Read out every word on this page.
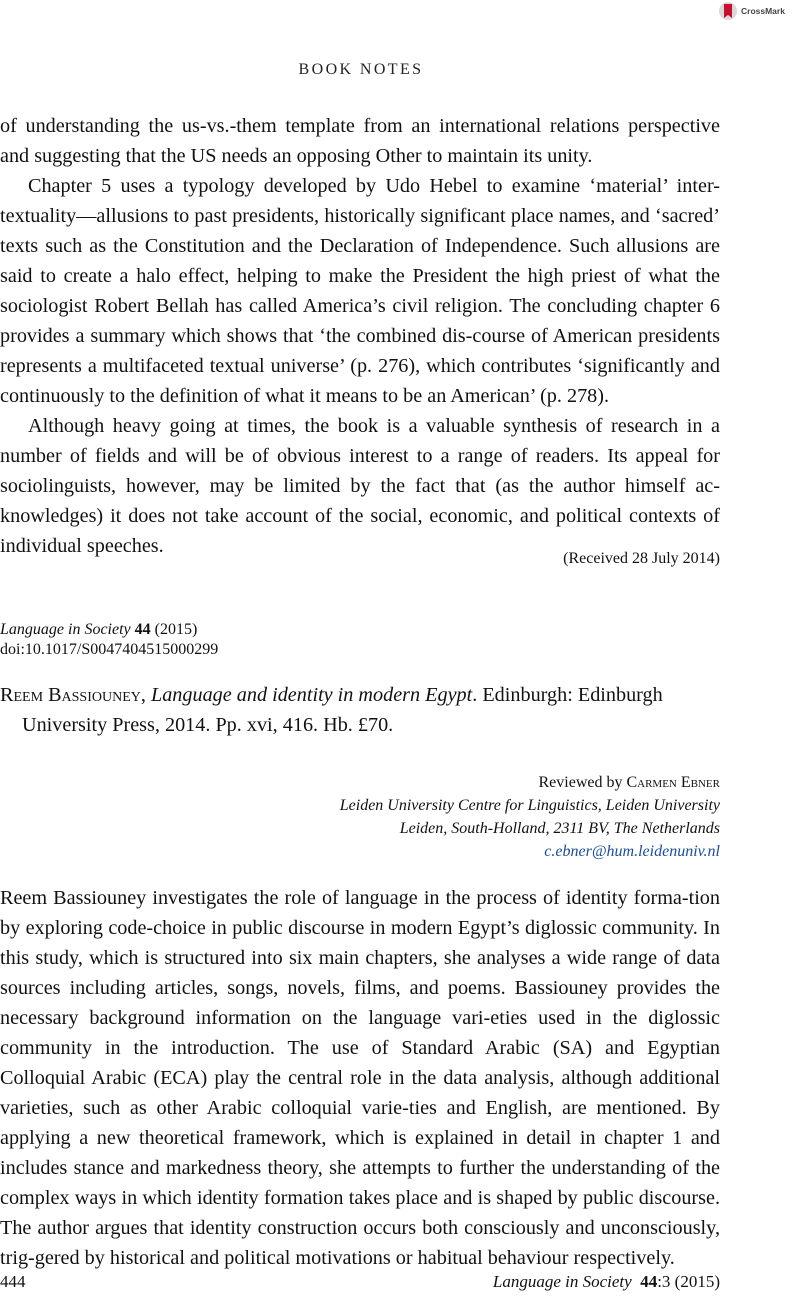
CrossMark
BOOK NOTES

of understanding the us-vs.-them template from an international relations perspective and suggesting that the US needs an opposing Other to maintain its unity.

Chapter 5 uses a typology developed by Udo Hebel to examine ‘material’ inter-textuality—allusions to past presidents, historically significant place names, and ‘sacred’ texts such as the Constitution and the Declaration of Independence. Such allusions are said to create a halo effect, helping to make the President the high priest of what the sociologist Robert Bellah has called America’s civil religion. The concluding chapter 6 provides a summary which shows that ‘the combined dis-course of American presidents represents a multifaceted textual universe’ (p. 276), which contributes ‘significantly and continuously to the definition of what it means to be an American’ (p. 278).

Although heavy going at times, the book is a valuable synthesis of research in a number of fields and will be of obvious interest to a range of readers. Its appeal for sociolinguists, however, may be limited by the fact that (as the author himself ac-knowledges) it does not take account of the social, economic, and political contexts of individual speeches.

(Received 28 July 2014)
Language in Society 44 (2015)
doi:10.1017/S0047404515000299
Reem Bassiouney, Language and identity in modern Egypt. Edinburgh: Edinburgh University Press, 2014. Pp. xvi, 416. Hb. £70.
Reviewed by Carmen Ebner
Leiden University Centre for Linguistics, Leiden University
Leiden, South-Holland, 2311 BV, The Netherlands
c.ebner@hum.leidenuniv.nl

Reem Bassiouney investigates the role of language in the process of identity forma-tion by exploring code-choice in public discourse in modern Egypt’s diglossic community. In this study, which is structured into six main chapters, she analyses a wide range of data sources including articles, songs, novels, films, and poems. Bassiouney provides the necessary background information on the language vari-eties used in the diglossic community in the introduction. The use of Standard Arabic (SA) and Egyptian Colloquial Arabic (ECA) play the central role in the data analysis, although additional varieties, such as other Arabic colloquial varie-ties and English, are mentioned. By applying a new theoretical framework, which is explained in detail in chapter 1 and includes stance and markedness theory, she attempts to further the understanding of the complex ways in which identity formation takes place and is shaped by public discourse. The author argues that identity construction occurs both consciously and unconsciously, trig-gered by historical and political motivations or habitual behaviour respectively.

444	Language in Society 44:3 (2015)
